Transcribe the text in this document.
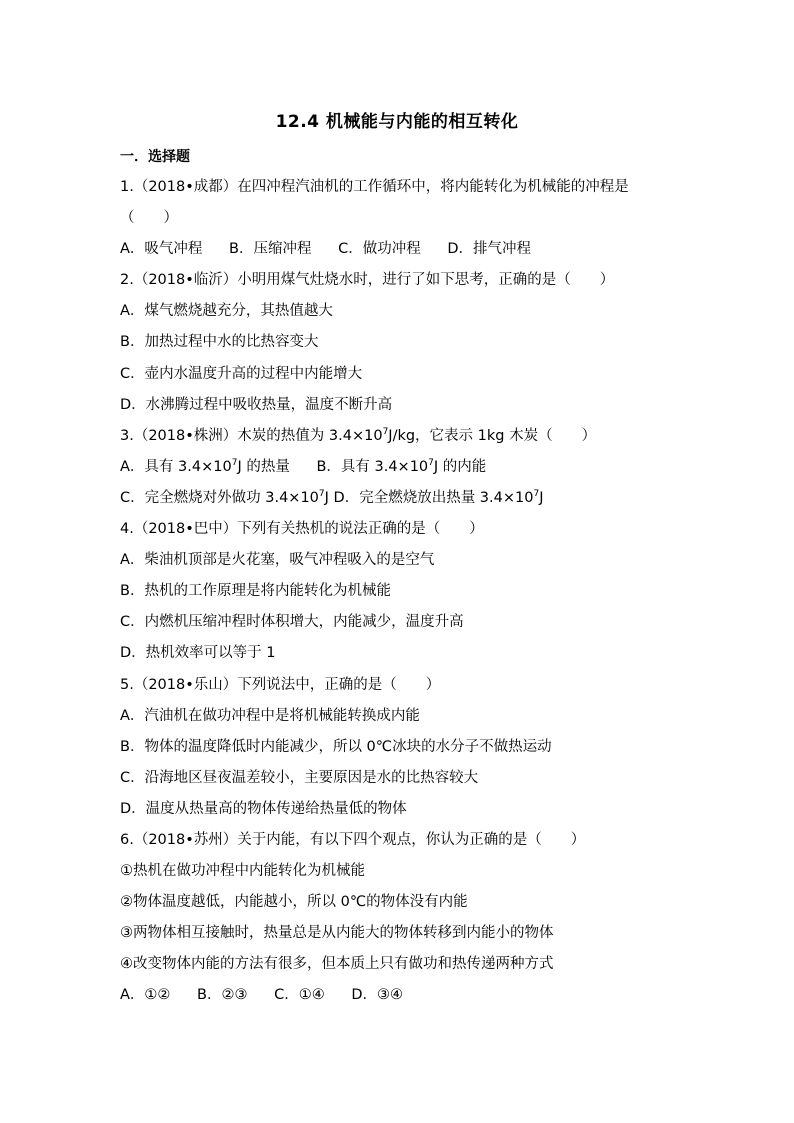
12.4 机械能与内能的相互转化
一．选择题
1.（2018•成都）在四冲程汽油机的工作循环中，将内能转化为机械能的冲程是
（　　）
A．吸气冲程 B．压缩冲程 C．做功冲程 D．排气冲程
2.（2018•临沂）小明用煤气灶烧水时，进行了如下思考，正确的是（　　）
A．煤气燃烧越充分，其热值越大
B．加热过程中水的比热容变大
C．壶内水温度升高的过程中内能增大
D．水沸腾过程中吸收热量，温度不断升高
3.（2018•株洲）木炭的热值为 $3.4\times 10^7J/kg$，它表示 1kg 木炭（　　）
A．具有 $3.4\times 10^7J$ 的热量 B．具有 $3.4\times 10^7J$ 的内能
C．完全燃烧对外做功 $3.4\times 10^7J$ D．完全燃烧放出热量 $3.4\times 10^7J$
4.（2018•巴中）下列有关热机的说法正确的是（　　）
A．柴油机顶部是火花塞，吸气冲程吸入的是空气
B．热机的工作原理是将内能转化为机械能
C．内燃机压缩冲程时体积增大，内能减少，温度升高
D．热机效率可以等于 1
5.（2018•乐山）下列说法中，正确的是（　　）
A．汽油机在做功冲程中是将机械能转换成内能
B．物体的温度降低时内能减少，所以 0℃冰块的水分子不做热运动
C．沿海地区昼夜温差较小，主要原因是水的比热容较大
D．温度从热量高的物体传递给热量低的物体
6.（2018•苏州）关于内能，有以下四个观点，你认为正确的是（　　）
①热机在做功冲程中内能转化为机械能
②物体温度越低，内能越小，所以 0℃的物体没有内能
③两物体相互接触时，热量总是从内能大的物体转移到内能小的物体
④改变物体内能的方法有很多，但本质上只有做功和热传递两种方式
A．①② B．②③ C．①④ D．③④
